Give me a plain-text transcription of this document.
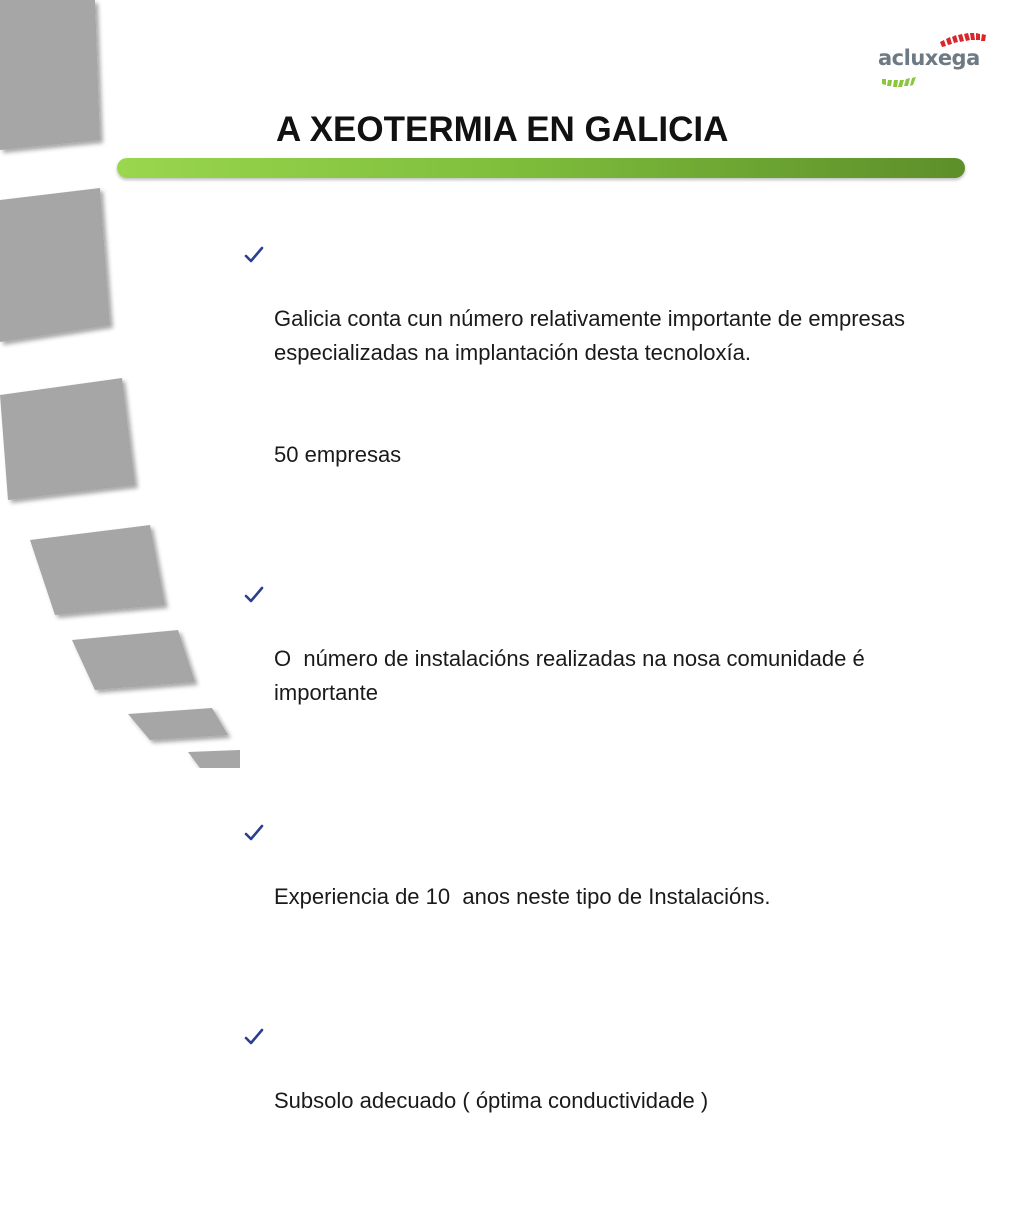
acluxega
A XEOTERMIA EN GALICIA

Galicia conta cun número relativamente importante de empresas especializadas na implantación desta tecnoloxía.

50 empresas

O  número de instalacións realizadas na nosa comunidade é importante

Experiencia de 10  anos neste tipo de Instalacións.

Subsolo adecuado ( óptima conductividade )
